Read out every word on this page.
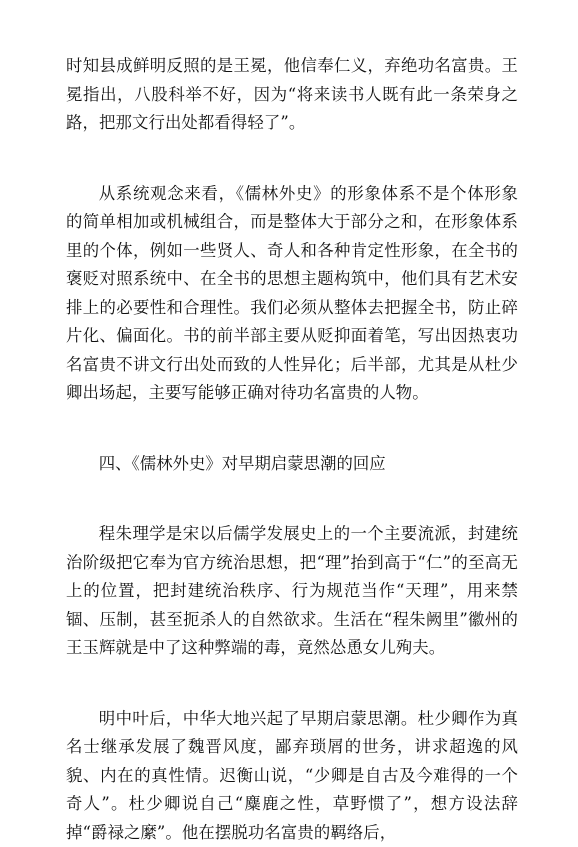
时知县成鲜明反照的是王冕，他信奉仁义，弃绝功名富贵。王冕指出，八股科举不好，因为“将来读书人既有此一条荣身之路，把那文行出处都看得轻了”。

从系统观念来看，《儒林外史》的形象体系不是个体形象的简单相加或机械组合，而是整体大于部分之和，在形象体系里的个体，例如一些贤人、奇人和各种肯定性形象，在全书的褒贬对照系统中、在全书的思想主题构筑中，他们具有艺术安排上的必要性和合理性。我们必须从整体去把握全书，防止碎片化、偏面化。书的前半部主要从贬抑面着笔，写出因热衷功名富贵不讲文行出处而致的人性异化；后半部，尤其是从杜少卿出场起，主要写能够正确对待功名富贵的人物。

四、《儒林外史》对早期启蒙思潮的回应

程朱理学是宋以后儒学发展史上的一个主要流派，封建统治阶级把它奉为官方统治思想，把“理”抬到高于“仁”的至高无上的位置，把封建统治秩序、行为规范当作“天理”，用来禁锢、压制，甚至扼杀人的自然欲求。生活在“程朱阙里”徽州的王玉辉就是中了这种弊端的毒，竟然怂恿女儿殉夫。

明中叶后，中华大地兴起了早期启蒙思潮。杜少卿作为真名士继承发展了魏晋风度，鄙弃琐屑的世务，讲求超逸的风貌、内在的真性情。迟衡山说，“少卿是自古及今难得的一个奇人”。杜少卿说自己“麋鹿之性，草野惯了”，想方设法辞掉“爵禄之縻”。他在摆脱功名富贵的羁络后，
